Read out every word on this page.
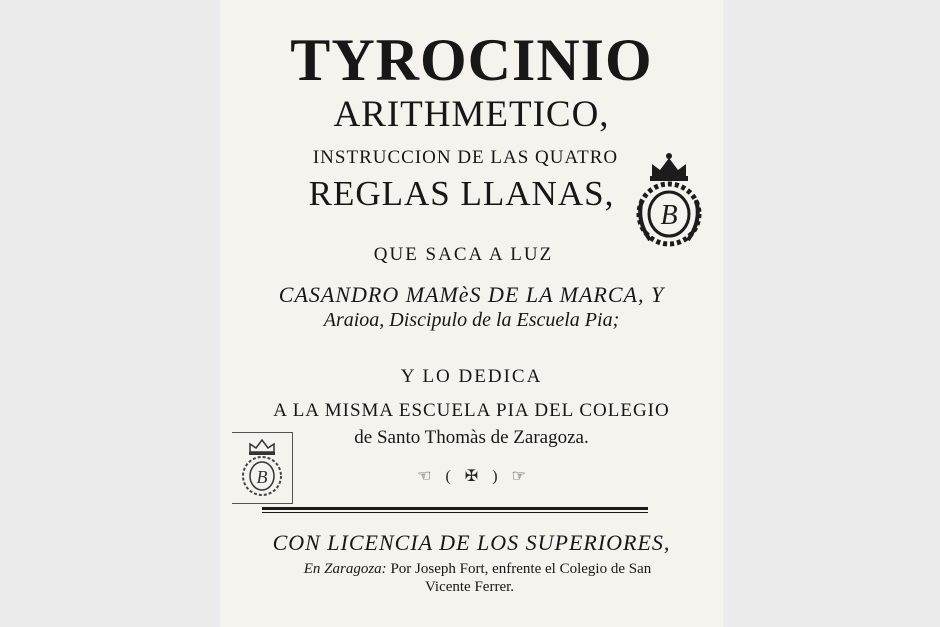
TYROCINIO
ARITHMETICO,
INSTRUCCION DE LAS QUATRO
REGLAS LLANAS,
B
QUE SACA A LUZ
CASANDRO MAMèS DE LA MARCA, Y
Araioa, Discipulo de la Escuela Pia;
Y LO DEDICA
A LA MISMA ESCUELA PIA DEL COLEGIO
de Santo Thomàs de Zaragoza.
B	☜ ( ✠ ) ☞
CON LICENCIA DE LOS SUPERIORES,
En Zaragoza: Por Joseph Fort, enfrente el Colegio de San
Vicente Ferrer.
